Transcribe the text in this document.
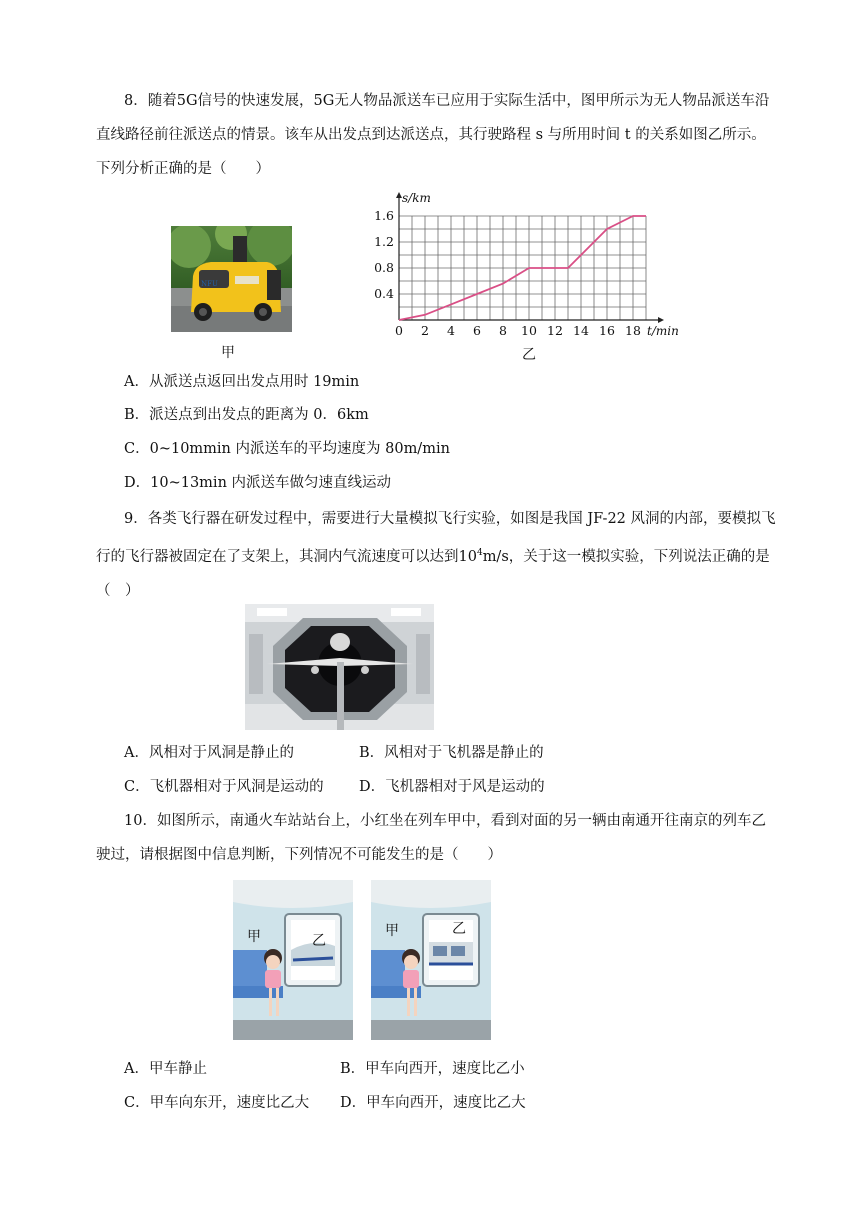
8．随着5G信号的快速发展，5G无人物品派送车已应用于实际生活中，图甲所示为无人物品派送车沿直线路径前往派送点的情景。该车从出发点到达派送点，其行驶路程 s 与所用时间 t 的关系如图乙所示。下列分析正确的是（　　）
NFU
甲
0 2 4 6 8 10 12 14 16 18
0.4
0.8
1.2
1.6
t/min
s/km
乙
A．从派送点返回出发点用时 19min
B．派送点到出发点的距离为 0．6km
C．0~10mmin 内派送车的平均速度为 80m/min
D．10~13min 内派送车做匀速直线运动
9．各类飞行器在研发过程中，需要进行大量模拟飞行实验，如图是我国 JF-22 风洞的内部，要模拟飞行的飞行器被固定在了支架上，其洞内气流速度可以达到$10^4m/s$，关于这一模拟实验，下列说法正确的是（　）
A．风相对于风洞是静止的	B．风相对于飞机器是静止的
C．飞机器相对于风洞是运动的 D．飞机器相对于风是运动的
10．如图所示，南通火车站站台上，小红坐在列车甲中，看到对面的另一辆由南通开往南京的列车乙驶过，请根据图中信息判断，下列情况不可能发生的是（　　）
甲	乙
甲	乙
A．甲车静止	B．甲车向西开，速度比乙小
C．甲车向东开，速度比乙大 D．甲车向西开，速度比乙大
